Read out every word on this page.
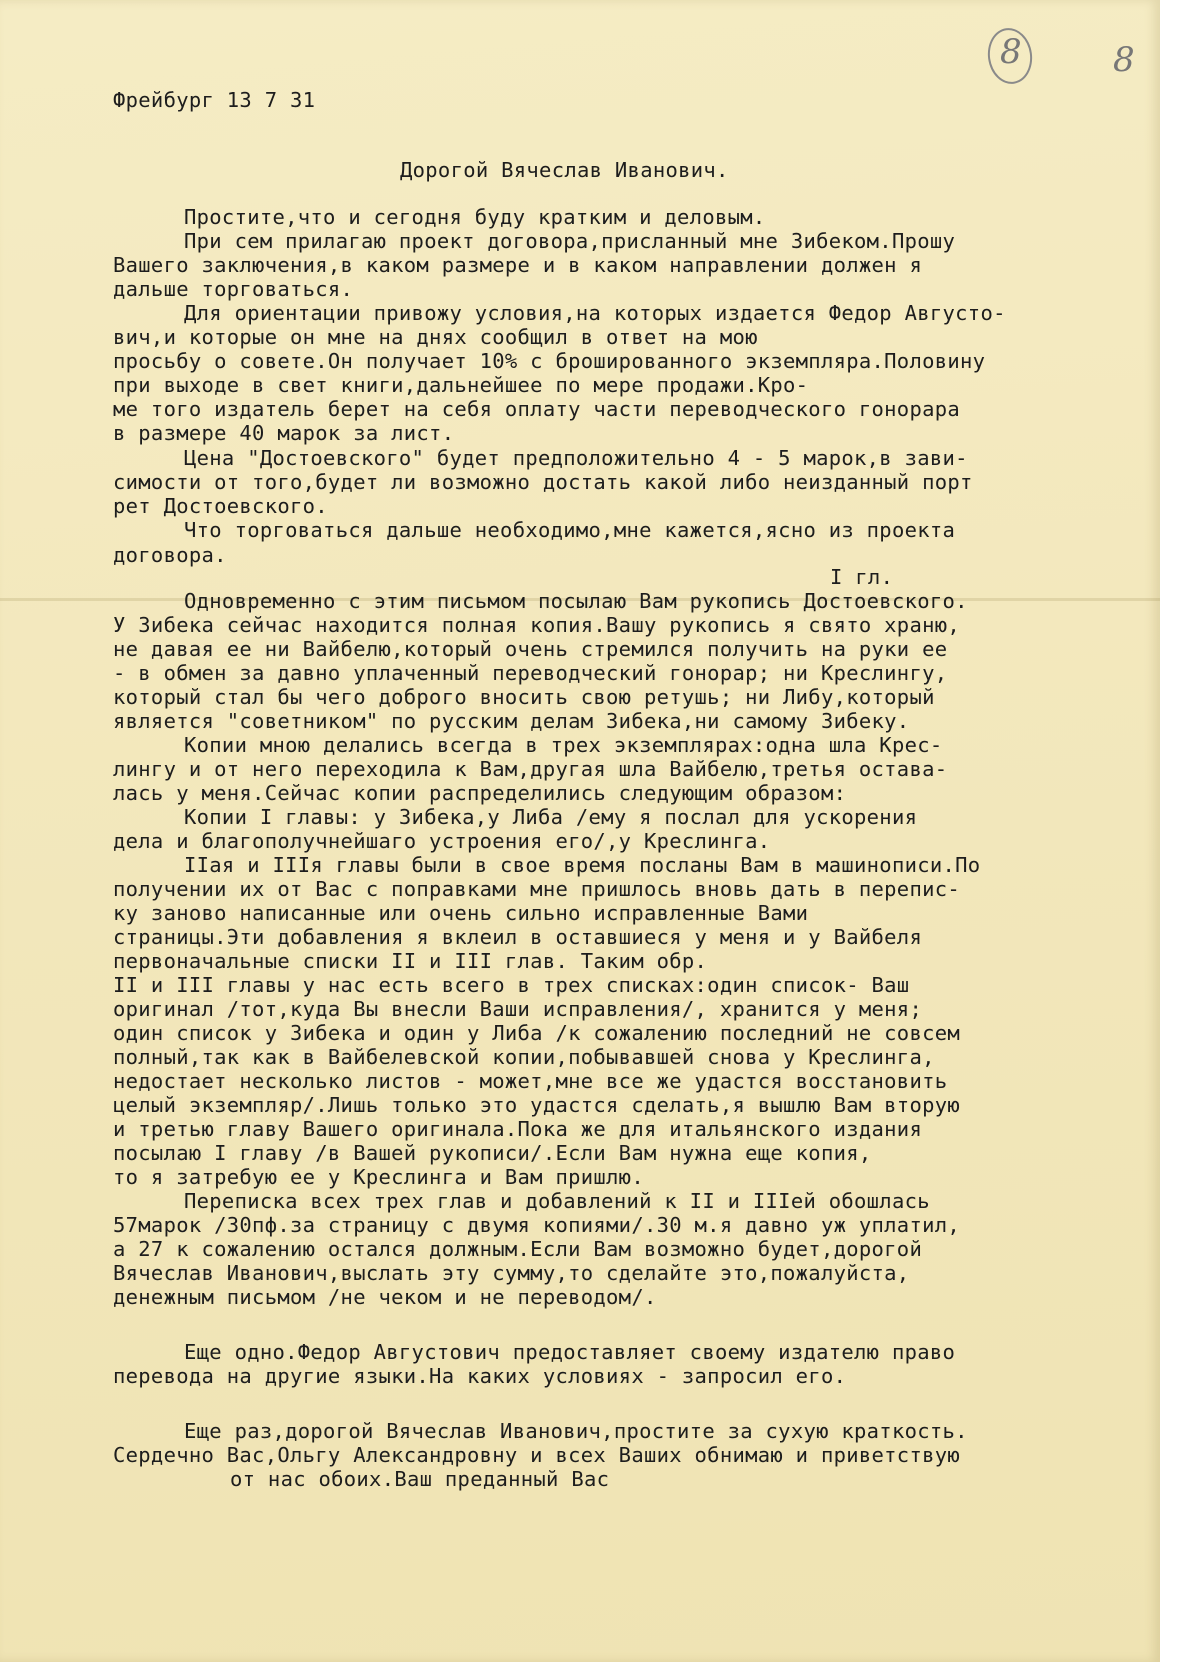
8	8

Фрейбург 13 7 31

Дорогой Вячеслав Иванович.

Простите,что и сегодня буду кратким и деловым.

При сем прилагаю проект договора,присланный мне Зибеком.Прошу

Вашего заключения,в каком размере и в каком направлении должен я

дальше торговаться.

Для ориентации привожу условия,на которых издается Федор Августо-

вич,и которые он мне на днях сообщил в ответ на мою

просьбу о совете.Он получает 10% с брошированного экземпляра.Половину

при выходе в свет книги,дальнейшее по мере продажи.Кро-

ме того издатель берет на себя оплату части переводческого гонорара

в размере 40 марок за лист.

Цена "Достоевского" будет предположительно 4 - 5 марок,в зави-

симости от того,будет ли возможно достать какой либо неизданный порт

рет Достоевского.

Что торговаться дальше необходимо,мне кажется,ясно из проекта

договора.

I гл.

Одновременно с этим письмом посылаю Вам рукопись Достоевского.

У Зибека сейчас находится полная копия.Вашу рукопись я свято храню,

не давая ее ни Вайбелю,который очень стремился получить на руки ее

- в обмен за давно уплаченный переводческий гонорар; ни Креслингу,

который стал бы чего доброго вносить свою ретушь; ни Либу,который

является "советником" по русским делам Зибека,ни самому Зибеку.

Копии мною делались всегда в трех экземплярах:одна шла Крес-

лингу и от него переходила к Вам,другая шла Вайбелю,третья остава-

лась у меня.Сейчас копии распределились следующим образом:

Копии I главы: у Зибека,у Либа /ему я послал для ускорения

дела и благополучнейшаго устроения его/,у Креслинга.

IIая и IIIя главы были в свое время посланы Вам в машинописи.По

получении их от Вас с поправками мне пришлось вновь дать в перепис-

ку заново написанные или очень сильно исправленные Вами

страницы.Эти добавления я вклеил в оставшиеся у меня и у Вайбеля

первоначальные списки II и III глав. Таким обр.

II и III главы у нас есть всего в трех списках:один список- Ваш

оригинал /тот,куда Вы внесли Ваши исправления/, хранится у меня;

один список у Зибека и один у Либа /к сожалению последний не совсем

полный,так как в Вайбелевской копии,побывавшей снова у Креслинга,

недостает несколько листов - может,мне все же удастся восстановить

целый экземпляр/.Лишь только это удастся сделать,я вышлю Вам вторую

и третью главу Вашего оригинала.Пока же для итальянского издания

посылаю I главу /в Вашей рукописи/.Если Вам нужна еще копия,

то я затребую ее у Креслинга и Вам пришлю.

Переписка всех трех глав и добавлений к II и IIIей обошлась

57марок /30пф.за страницу с двумя копиями/.30 м.я давно уж уплатил,

а 27 к сожалению остался должным.Если Вам возможно будет,дорогой

Вячеслав Иванович,выслать эту сумму,то сделайте это,пожалуйста,

денежным письмом /не чеком и не переводом/.

Еще одно.Федор Августович предоставляет своему издателю право

перевода на другие языки.На каких условиях - запросил его.

Еще раз,дорогой Вячеслав Иванович,простите за сухую краткость.

Сердечно Вас,Ольгу Александровну и всех Ваших обнимаю и приветствую

от нас обоих.Ваш преданный Вас
